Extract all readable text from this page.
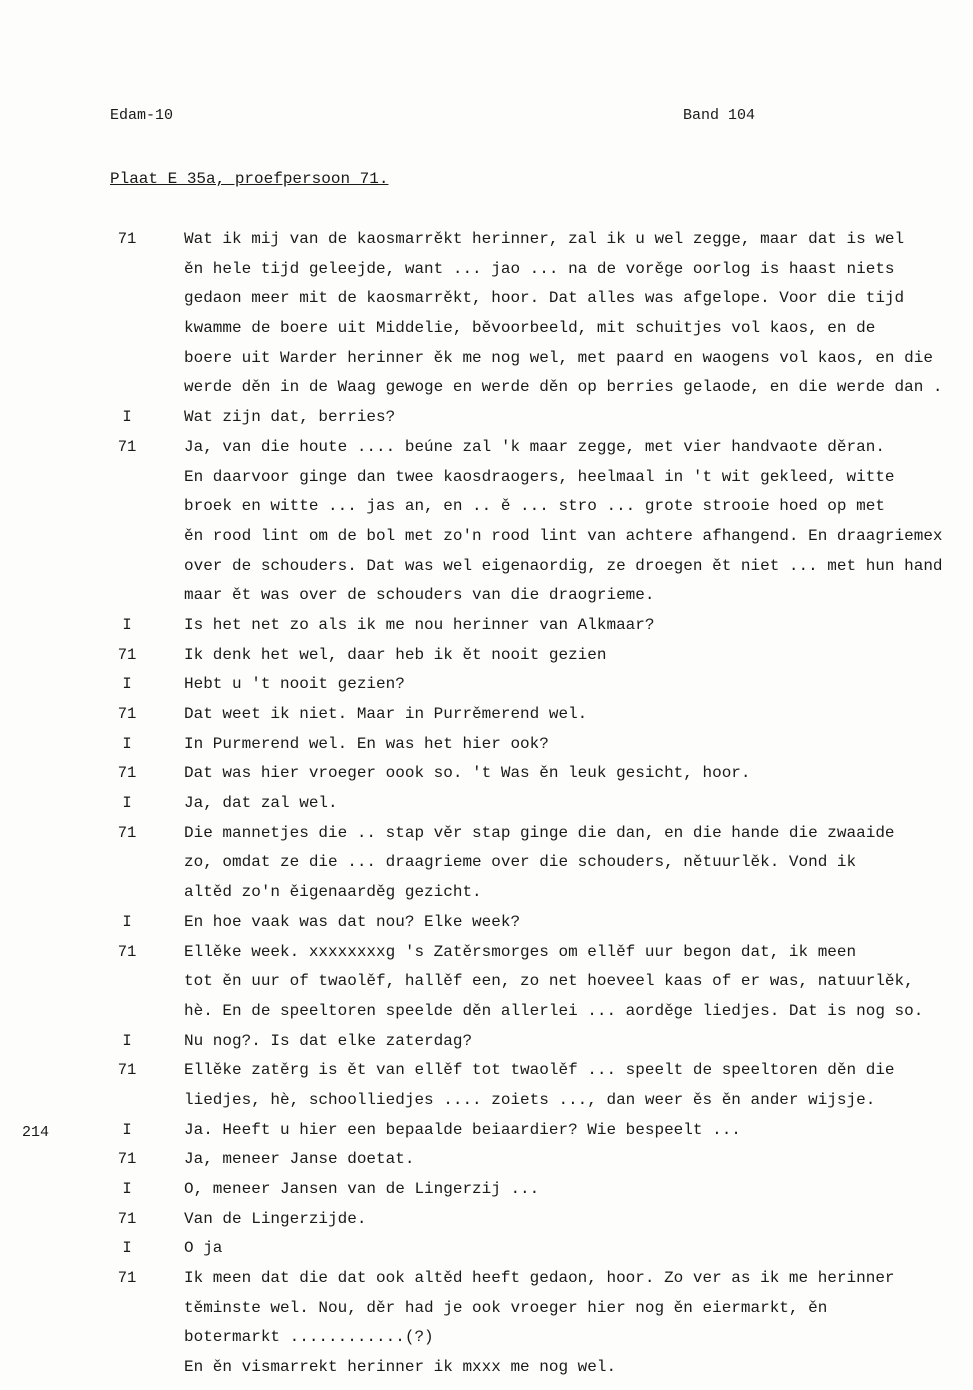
Edam-10	Band 104
Plaat E 35a, proefpersoon 71.
214
71	Wat ik mij van de kaosmarrěkt herinner, zal ik u wel zegge, maar dat is wel
ěn hele tijd geleejde, want ... jao ... na de vorěge oorlog is haast niets
gedaon meer mit de kaosmarrěkt, hoor. Dat alles was afgelope. Voor die tijd
kwamme de boere uit Middelie, běvoorbeeld, mit schuitjes vol kaos, en de
boere uit Warder herinner ěk me nog wel, met paard en waogens vol kaos, en die
werde děn in de Waag gewoge en werde děn op berries gelaode, en die werde dan .
I	Wat zijn dat, berries?
71	Ja, van die houte .... beúne zal 'k maar zegge, met vier handvaote děran.
En daarvoor ginge dan twee kaosdraogers, heelmaal in 't wit gekleed, witte
broek en witte ... jas an, en .. ě ... stro ... grote strooie hoed op met
ěn rood lint om de bol met zo'n rood lint van achtere afhangend. En draagriemex
over de schouders. Dat was wel eigenaordig, ze droegen ět niet ... met hun hand
maar ět was over de schouders van die draogrieme.
I	Is het net zo als ik me nou herinner van Alkmaar?
71	Ik denk het wel, daar heb ik ět nooit gezien
I	Hebt u 't nooit gezien?
71	Dat weet ik niet. Maar in Purrěmerend wel.
I	In Purmerend wel. En was het hier ook?
71	Dat was hier vroeger oook so. 't Was ěn leuk gesicht, hoor.
I	Ja, dat zal wel.
71	Die mannetjes die .. stap věr stap ginge die dan, en die hande die zwaaide
zo, omdat ze die ... draagrieme over die schouders, nětuurlěk. Vond ik
altěd zo'n ěigenaarděg gezicht.
I	En hoe vaak was dat nou? Elke week?
71	Ellěke week. xxxxxxxxg 's Zatěrsmorges om ellěf uur begon dat, ik meen
tot ěn uur of twaolěf, hallěf een, zo net hoeveel kaas of er was, natuurlěk,
hè. En de speeltoren speelde děn allerlei ... aorděge liedjes. Dat is nog so.
I	Nu nog?. Is dat elke zaterdag?
71	Ellěke zatěrg is ět van ellěf tot twaolěf ... speelt de speeltoren děn die
liedjes, hè, schoolliedjes .... zoiets ..., dan weer ěs ěn ander wijsje.
I	Ja. Heeft u hier een bepaalde beiaardier? Wie bespeelt ...
71	Ja, meneer Janse doetat.
I	O, meneer Jansen van de Lingerzij ...
71	Van de Lingerzijde.
I	O ja
71	Ik meen dat die dat ook altěd heeft gedaon, hoor. Zo ver as ik me herinner
těminste wel. Nou, děr had je ook vroeger hier nog ěn eiermarkt, ěn
botermarkt ............(?)
En ěn vismarrekt herinner ik mxxx me nog wel.
